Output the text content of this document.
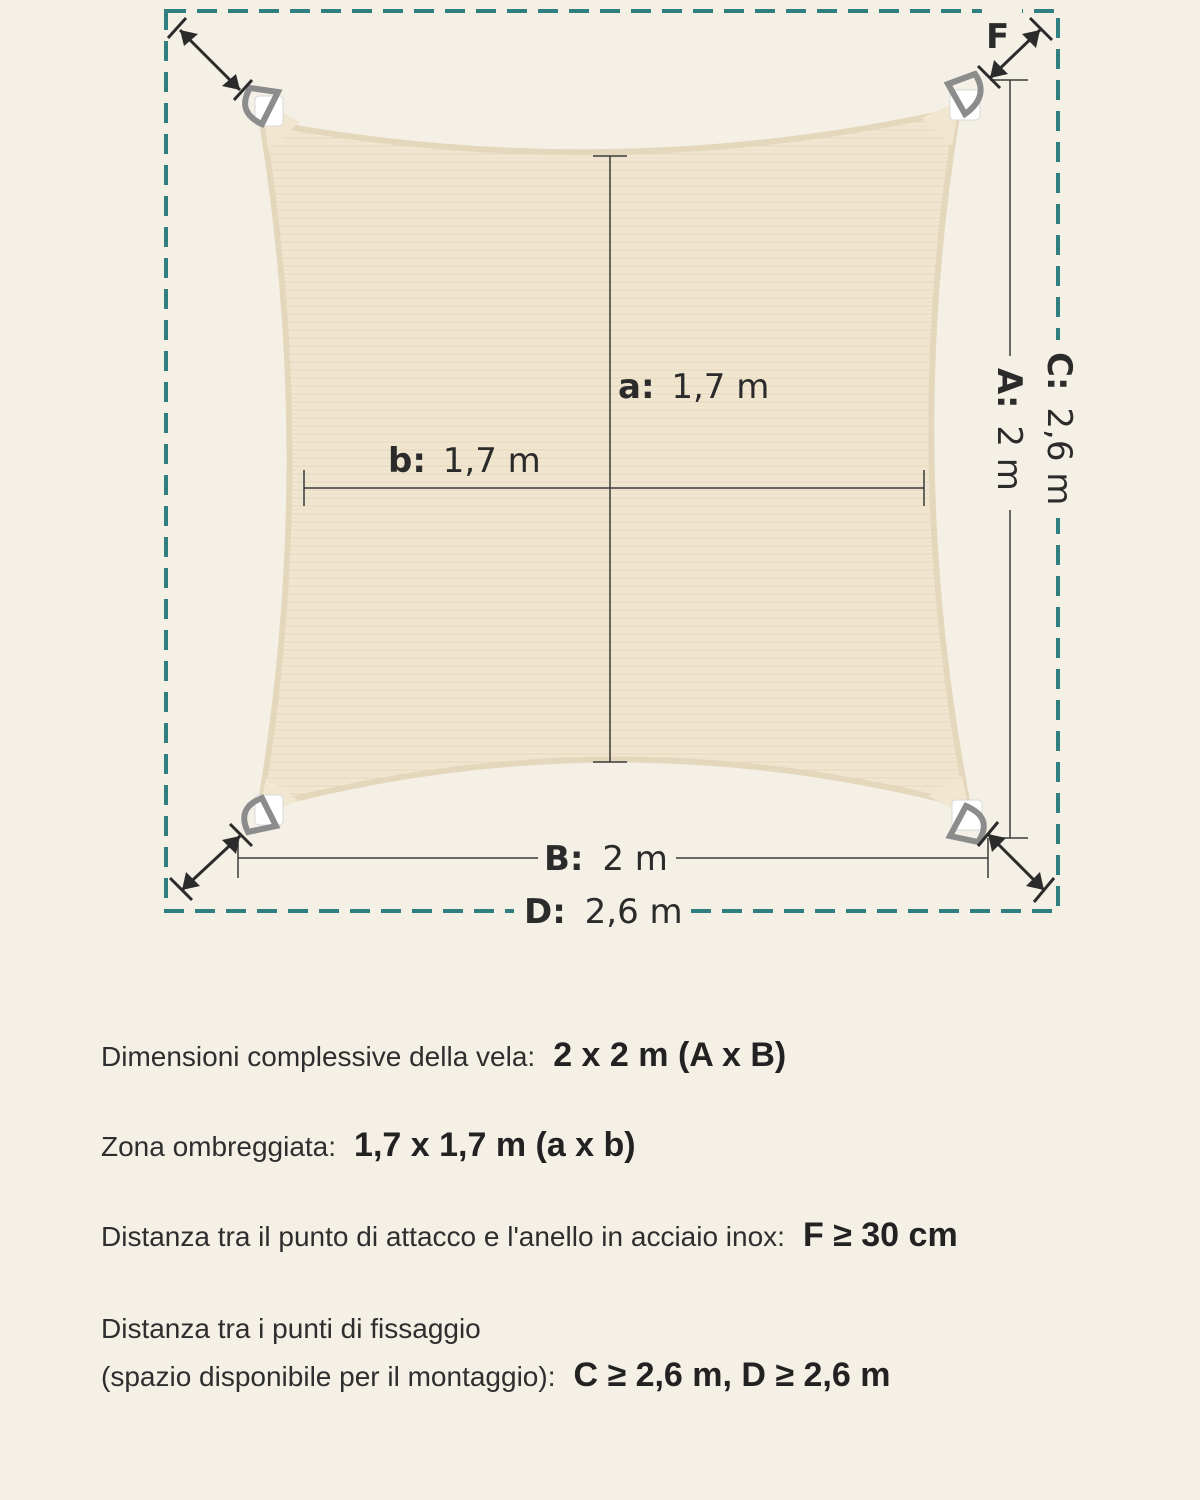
a: 1,7 m
b: 1,7 m
B: 2 m
D: 2,6 m
A: 2 m
C: 2,6 m
F
Dimensioni complessive della vela: 2 x 2 m (A x B)
Zona ombreggiata: 1,7 x 1,7 m (a x b)
Distanza tra il punto di attacco e l'anello in acciaio inox: F ≥ 30 cm
Distanza tra i punti di fissaggio
(spazio disponibile per il montaggio): C ≥ 2,6 m, D ≥ 2,6 m
